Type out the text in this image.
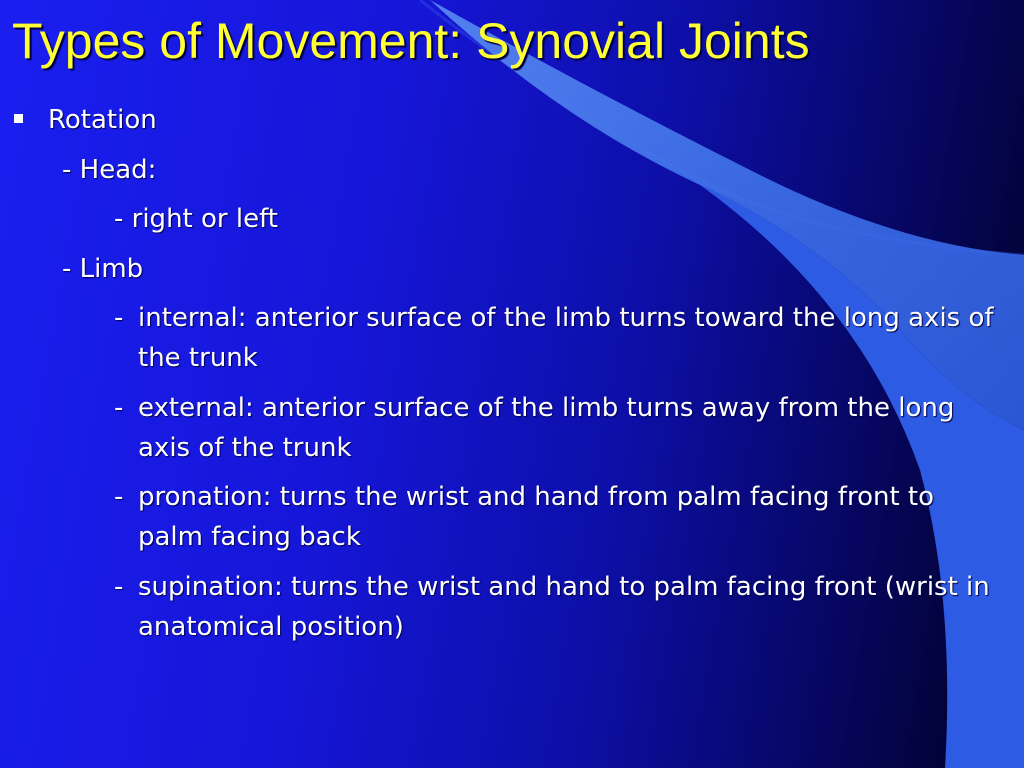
Types of Movement: Synovial Joints
Rotation
- Head:
- right or left
- Limb
- internal: anterior surface of the limb turns toward the long axis of the trunk
- external: anterior surface of the limb turns away from the long axis of the trunk
- pronation: turns the wrist and hand from palm facing front to palm facing back
- supination: turns the wrist and hand to palm facing front (wrist in anatomical position)
